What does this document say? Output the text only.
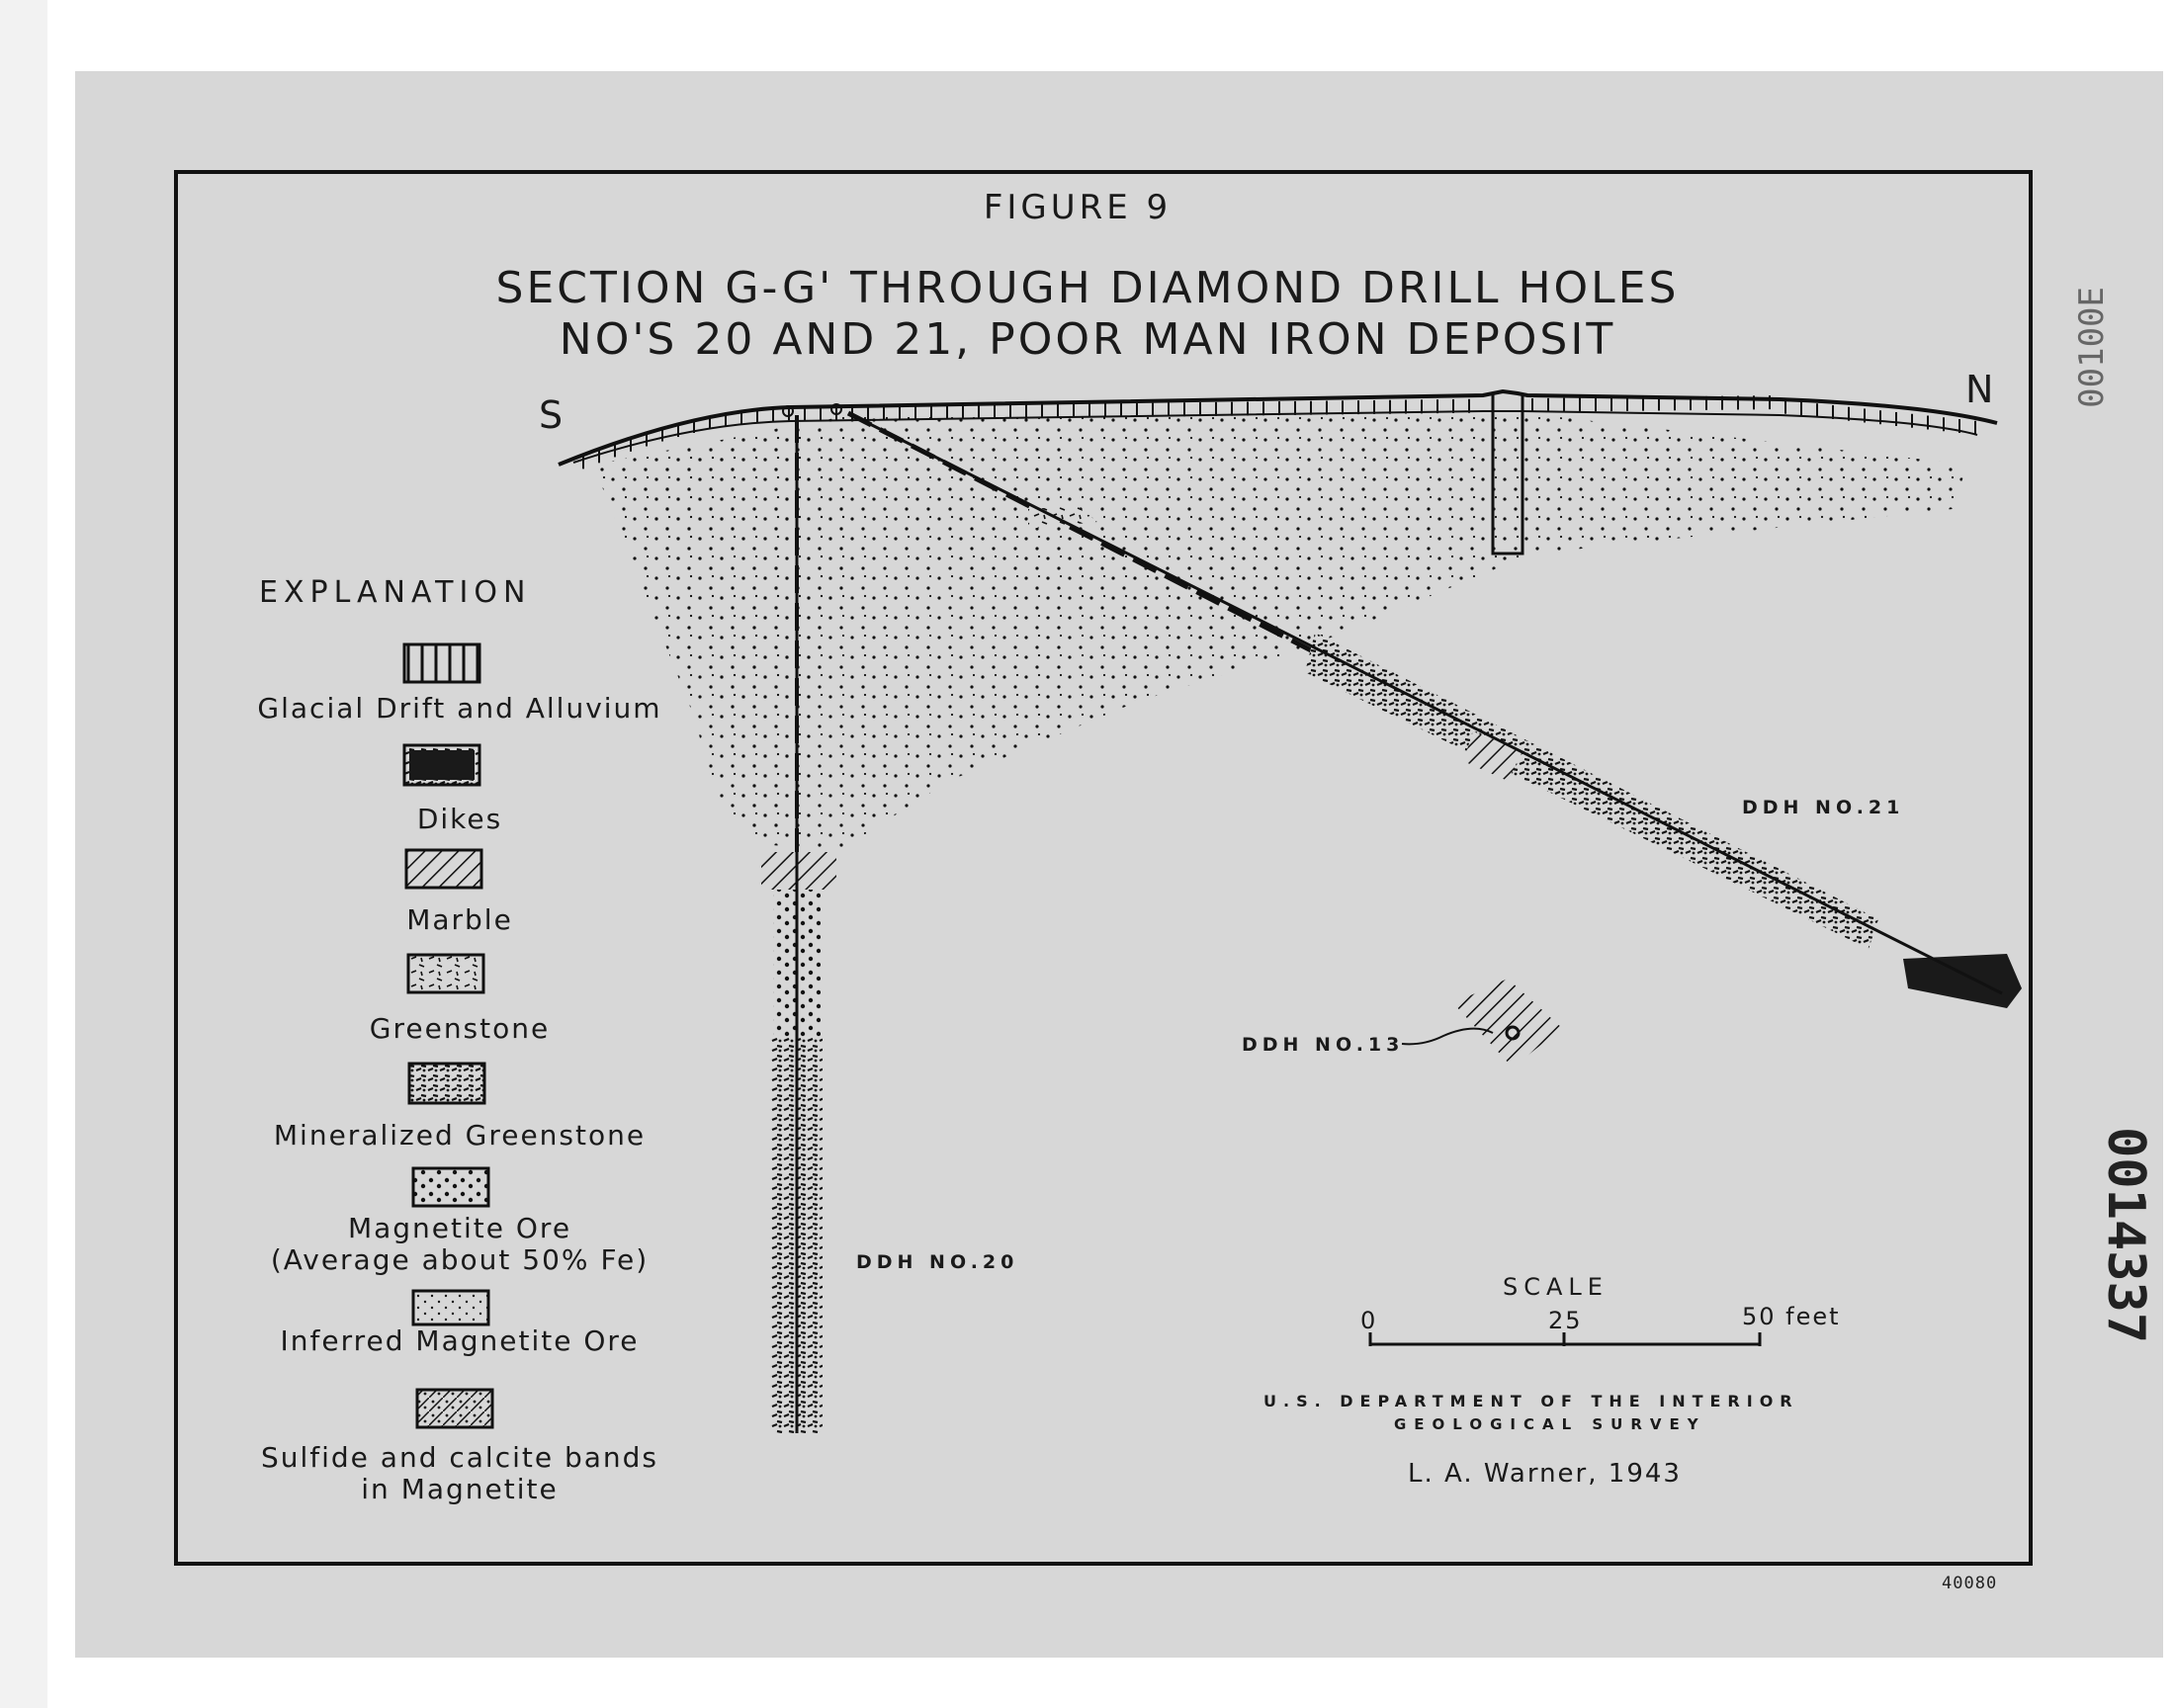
FIGURE 9
SECTION G-G' THROUGH DIAMOND DRILL HOLES
NO'S 20 AND 21, POOR MAN IRON DEPOSIT
S
N
EXPLANATION
Glacial Drift and Alluvium
Dikes
Marble
Greenstone
Mineralized Greenstone
Magnetite Ore
(Average about 50% Fe)
Inferred Magnetite Ore
Sulfide and calcite bands
in Magnetite
DDH NO.20
DDH NO.21
DDH NO.13
SCALE
0	25	50 feet
U.S. DEPARTMENT OF THE INTERIOR
GEOLOGICAL SURVEY
L. A. Warner, 1943
40080
00100E
0014337
